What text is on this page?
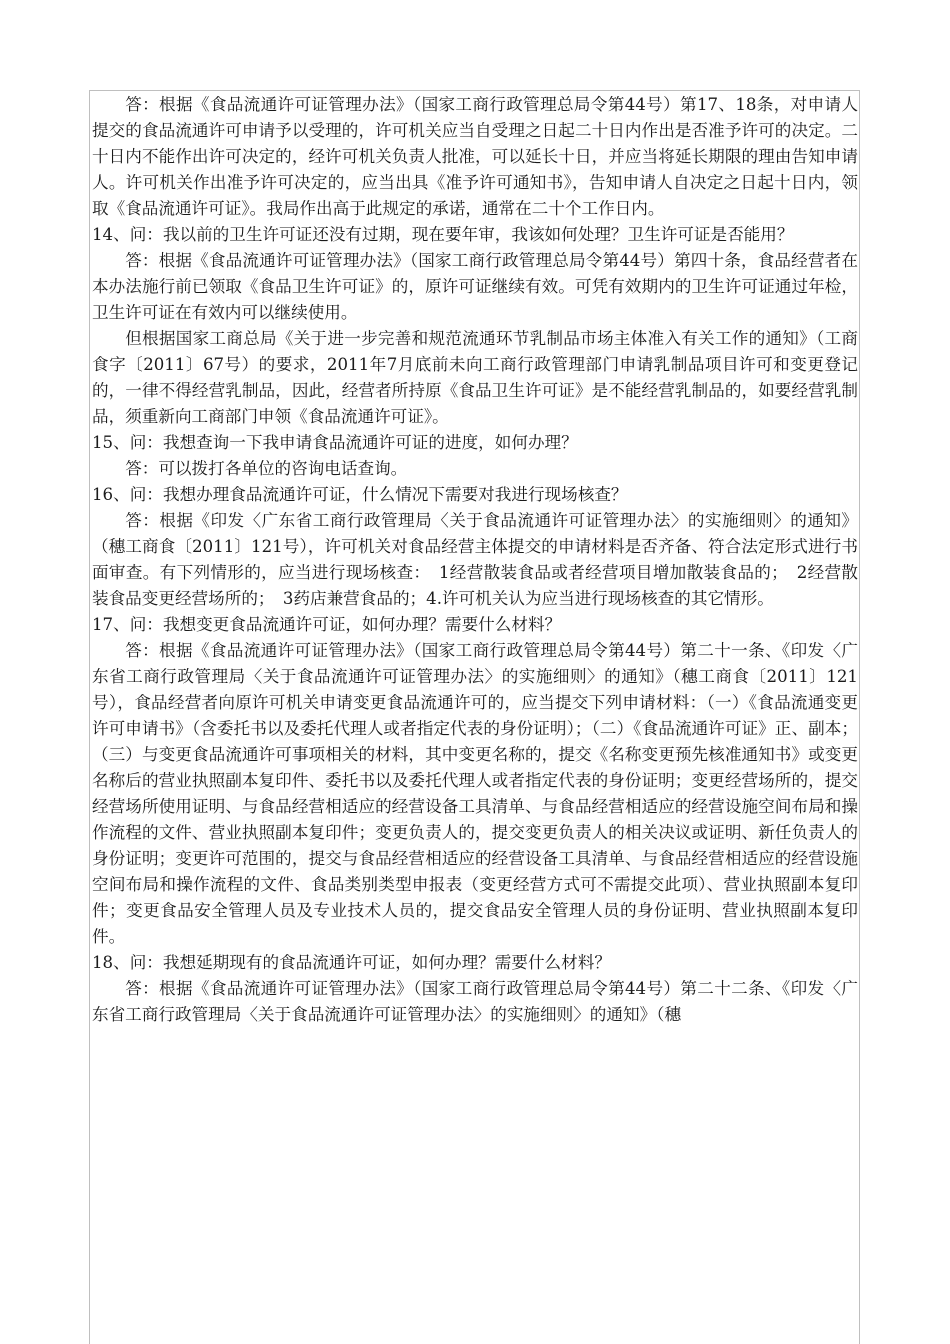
答：根据《食品流通许可证管理办法》（国家工商行政管理总局令第44号）第17、18条，对申请人提交的食品流通许可申请予以受理的，许可机关应当自受理之日起二十日内作出是否准予许可的决定。二十日内不能作出许可决定的，经许可机关负责人批准，可以延长十日，并应当将延长期限的理由告知申请人。许可机关作出准予许可决定的，应当出具《准予许可通知书》，告知申请人自决定之日起十日内，领取《食品流通许可证》。我局作出高于此规定的承诺，通常在二十个工作日内。

14、问：我以前的卫生许可证还没有过期，现在要年审，我该如何处理？卫生许可证是否能用？

答：根据《食品流通许可证管理办法》（国家工商行政管理总局令第44号）第四十条，食品经营者在本办法施行前已领取《食品卫生许可证》的，原许可证继续有效。可凭有效期内的卫生许可证通过年检，卫生许可证在有效内可以继续使用。

但根据国家工商总局《关于进一步完善和规范流通环节乳制品市场主体准入有关工作的通知》（工商食字〔2011〕67号）的要求，2011年7月底前未向工商行政管理部门申请乳制品项目许可和变更登记的，一律不得经营乳制品，因此，经营者所持原《食品卫生许可证》是不能经营乳制品的，如要经营乳制品，须重新向工商部门申领《食品流通许可证》。

15、问：我想查询一下我申请食品流通许可证的进度，如何办理？

答：可以拨打各单位的咨询电话查询。

16、问：我想办理食品流通许可证，什么情况下需要对我进行现场核查？

答：根据《印发〈广东省工商行政管理局〈关于食品流通许可证管理办法〉的实施细则〉的通知》（穗工商食〔2011〕121号），许可机关对食品经营主体提交的申请材料是否齐备、符合法定形式进行书面审查。有下列情形的，应当进行现场核查：　1经营散装食品或者经营项目增加散装食品的；　2经营散装食品变更经营场所的；　3药店兼营食品的；4.许可机关认为应当进行现场核查的其它情形。

17、问：我想变更食品流通许可证，如何办理？需要什么材料？

答：根据《食品流通许可证管理办法》（国家工商行政管理总局令第44号）第二十一条、《印发〈广东省工商行政管理局〈关于食品流通许可证管理办法〉的实施细则〉的通知》（穗工商食〔2011〕121号），食品经营者向原许可机关申请变更食品流通许可的，应当提交下列申请材料：（一）《食品流通变更许可申请书》（含委托书以及委托代理人或者指定代表的身份证明）；（二）《食品流通许可证》正、副本；（三）与变更食品流通许可事项相关的材料，其中变更名称的，提交《名称变更预先核准通知书》或变更名称后的营业执照副本复印件、委托书以及委托代理人或者指定代表的身份证明；变更经营场所的，提交经营场所使用证明、与食品经营相适应的经营设备工具清单、与食品经营相适应的经营设施空间布局和操作流程的文件、营业执照副本复印件；变更负责人的，提交变更负责人的相关决议或证明、新任负责人的身份证明；变更许可范围的，提交与食品经营相适应的经营设备工具清单、与食品经营相适应的经营设施空间布局和操作流程的文件、食品类别类型申报表（变更经营方式可不需提交此项）、营业执照副本复印件；变更食品安全管理人员及专业技术人员的，提交食品安全管理人员的身份证明、营业执照副本复印件。

18、问：我想延期现有的食品流通许可证，如何办理？需要什么材料？

答：根据《食品流通许可证管理办法》（国家工商行政管理总局令第44号）第二十二条、《印发〈广东省工商行政管理局〈关于食品流通许可证管理办法〉的实施细则〉的通知》（穗
